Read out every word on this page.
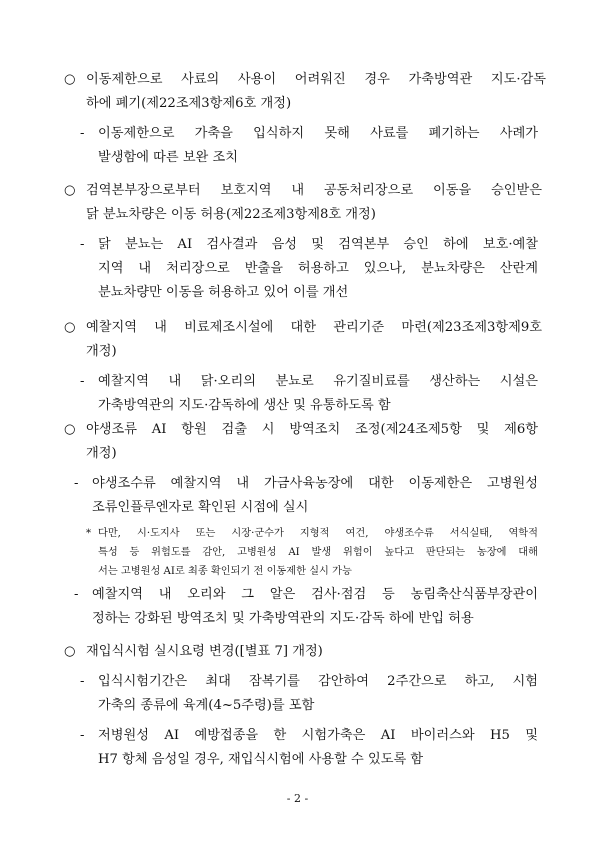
○ 이동제한으로 사료의 사용이 어려워진 경우 가축방역관 지도·감독
하에 폐기(제22조제3항제6호 개정)
- 이동제한으로 가축을 입식하지 못해 사료를 폐기하는 사례가
발생함에 따른 보완 조치
○ 검역본부장으로부터 보호지역 내 공동처리장으로 이동을 승인받은
닭 분뇨차량은 이동 허용(제22조제3항제8호 개정)
- 닭 분뇨는 AI 검사결과 음성 및 검역본부 승인 하에 보호·예찰
지역 내 처리장으로 반출을 허용하고 있으나, 분뇨차량은 산란계
분뇨차량만 이동을 허용하고 있어 이를 개선
○ 예찰지역 내 비료제조시설에 대한 관리기준 마련(제23조제3항제9호
개정)
- 예찰지역 내 닭·오리의 분뇨로 유기질비료를 생산하는 시설은
가축방역관의 지도·감독하에 생산 및 유통하도록 함
○ 야생조류 AI 항원 검출 시 방역조치 조정(제24조제5항 및 제6항
개정)
- 야생조수류 예찰지역 내 가금사육농장에 대한 이동제한은 고병원성
조류인플루엔자로 확인된 시점에 실시
* 다만, 시·도지사 또는 시장·군수가 지형적 여건, 야생조수류 서식실태, 역학적
특성 등 위험도를 감안, 고병원성 AI 발생 위험이 높다고 판단되는 농장에 대해
서는 고병원성 AI로 최종 확인되기 전 이동제한 실시 가능
- 예찰지역 내 오리와 그 알은 검사·점검 등 농림축산식품부장관이
정하는 강화된 방역조치 및 가축방역관의 지도·감독 하에 반입 허용
○ 재입식시험 실시요령 변경([별표 7] 개정)
- 입식시험기간은 최대 잠복기를 감안하여 2주간으로 하고, 시험
가축의 종류에 육계(4~5주령)를 포함
- 저병원성 AI 예방접종을 한 시험가축은 AI 바이러스와 H5 및
H7 항체 음성일 경우, 재입식시험에 사용할 수 있도록 함
- 2 -
